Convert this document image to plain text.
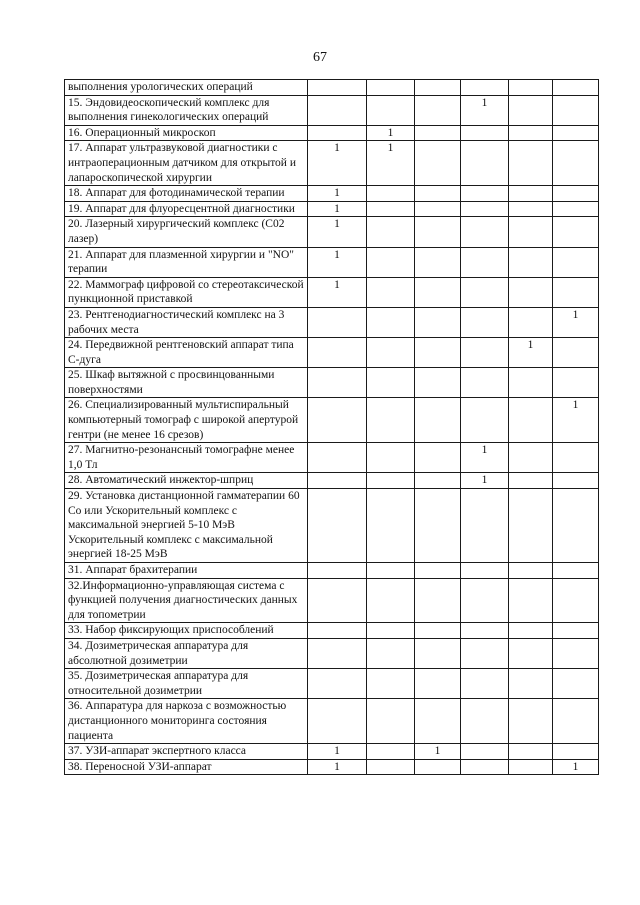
67
выполнения урологических операций						
15. Эндовидеоскопический комплекс для выполнения гинекологических операций				1		
16. Операционный микроскоп		1				
17. Аппарат ультразвуковой диагностики с интраоперационным датчиком для открытой и лапароскопической хирургии	1	1				
18. Аппарат для фотодинамической терапии	1					
19. Аппарат для флуоресцентной диагностики	1					
20. Лазерный хирургический комплекс (С02 лазер)	1					
21. Аппарат для плазменной хирургии и "NO" терапии	1					
22. Маммограф цифровой со стереотаксической пункционной приставкой	1					
23. Рентгенодиагностический комплекс на 3 рабочих места						1
24. Передвижной рентгеновский аппарат типа С-дуга					1	
25. Шкаф вытяжной с просвинцованными поверхностями						
26. Специализированный мультиспиральный компьютерный томограф с широкой апертурой гентри (не менее 16 срезов)						1
27. Магнитно-резонансный томографне менее 1,0 Тл				1		
28. Автоматический инжектор-шприц				1		
29. Установка дистанционной гамматерапии 60 Со или Ускорительный комплекс с максимальной энергией 5-10 МэВ Ускорительный комплекс с максимальной энергией 18-25 МэВ						
31. Аппарат брахитерапии						
32.Информационно-управляющая система с функцией получения диагностических данных для топометрии						
33. Набор фиксирующих приспособлений						
34. Дозиметрическая аппаратура для абсолютной дозиметрии						
35. Дозиметрическая аппаратура для относительной дозиметрии						
36. Аппаратура для наркоза с возможностью дистанционного мониторинга состояния пациента						
37. УЗИ-аппарат экспертного класса	1		1			
38. Переносной УЗИ-аппарат	1					1
